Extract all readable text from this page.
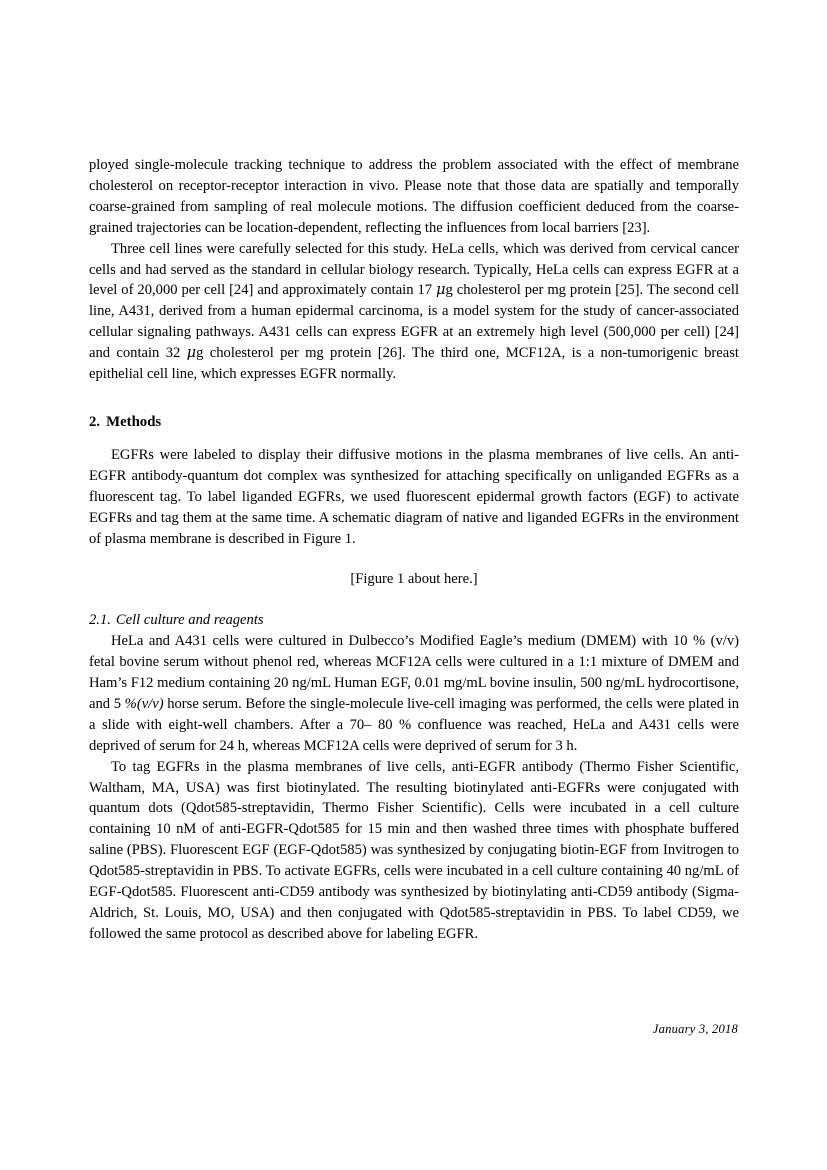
ployed single-molecule tracking technique to address the problem associated with the effect of membrane cholesterol on receptor-receptor interaction in vivo. Please note that those data are spatially and temporally coarse-grained from sampling of real molecule motions. The diffusion coefficient deduced from the coarse-grained trajectories can be location-dependent, reflecting the influences from local barriers [23].

Three cell lines were carefully selected for this study. HeLa cells, which was derived from cervical cancer cells and had served as the standard in cellular biology research. Typically, HeLa cells can express EGFR at a level of 20,000 per cell [24] and approximately contain 17 μg cholesterol per mg protein [25]. The second cell line, A431, derived from a human epidermal carcinoma, is a model system for the study of cancer-associated cellular signaling pathways. A431 cells can express EGFR at an extremely high level (500,000 per cell) [24] and contain 32 μg cholesterol per mg protein [26]. The third one, MCF12A, is a non-tumorigenic breast epithelial cell line, which expresses EGFR normally.

2. Methods

EGFRs were labeled to display their diffusive motions in the plasma membranes of live cells. An anti-EGFR antibody-quantum dot complex was synthesized for attaching specifically on unliganded EGFRs as a fluorescent tag. To label liganded EGFRs, we used fluorescent epidermal growth factors (EGF) to activate EGFRs and tag them at the same time. A schematic diagram of native and liganded EGFRs in the environment of plasma membrane is described in Figure 1.

[Figure 1 about here.]
2.1. Cell culture and reagents

HeLa and A431 cells were cultured in Dulbecco’s Modified Eagle’s medium (DMEM) with 10 % (v/v) fetal bovine serum without phenol red, whereas MCF12A cells were cultured in a 1:1 mixture of DMEM and Ham’s F12 medium containing 20 ng/mL Human EGF, 0.01 mg/mL bovine insulin, 500 ng/mL hydrocortisone, and 5 %(v/v) horse serum. Before the single-molecule live-cell imaging was performed, the cells were plated in a slide with eight-well chambers. After a 70– 80 % confluence was reached, HeLa and A431 cells were deprived of serum for 24 h, whereas MCF12A cells were deprived of serum for 3 h.

To tag EGFRs in the plasma membranes of live cells, anti-EGFR antibody (Thermo Fisher Scientific, Waltham, MA, USA) was first biotinylated. The resulting biotinylated anti-EGFRs were conjugated with quantum dots (Qdot585-streptavidin, Thermo Fisher Scientific). Cells were incubated in a cell culture containing 10 nM of anti-EGFR-Qdot585 for 15 min and then washed three times with phosphate buffered saline (PBS). Fluorescent EGF (EGF-Qdot585) was synthesized by conjugating biotin-EGF from Invitrogen to Qdot585-streptavidin in PBS. To activate EGFRs, cells were incubated in a cell culture containing 40 ng/mL of EGF-Qdot585. Fluorescent anti-CD59 antibody was synthesized by biotinylating anti-CD59 antibody (Sigma-Aldrich, St. Louis, MO, USA) and then conjugated with Qdot585-streptavidin in PBS. To label CD59, we followed the same protocol as described above for labeling EGFR.

January 3, 2018
